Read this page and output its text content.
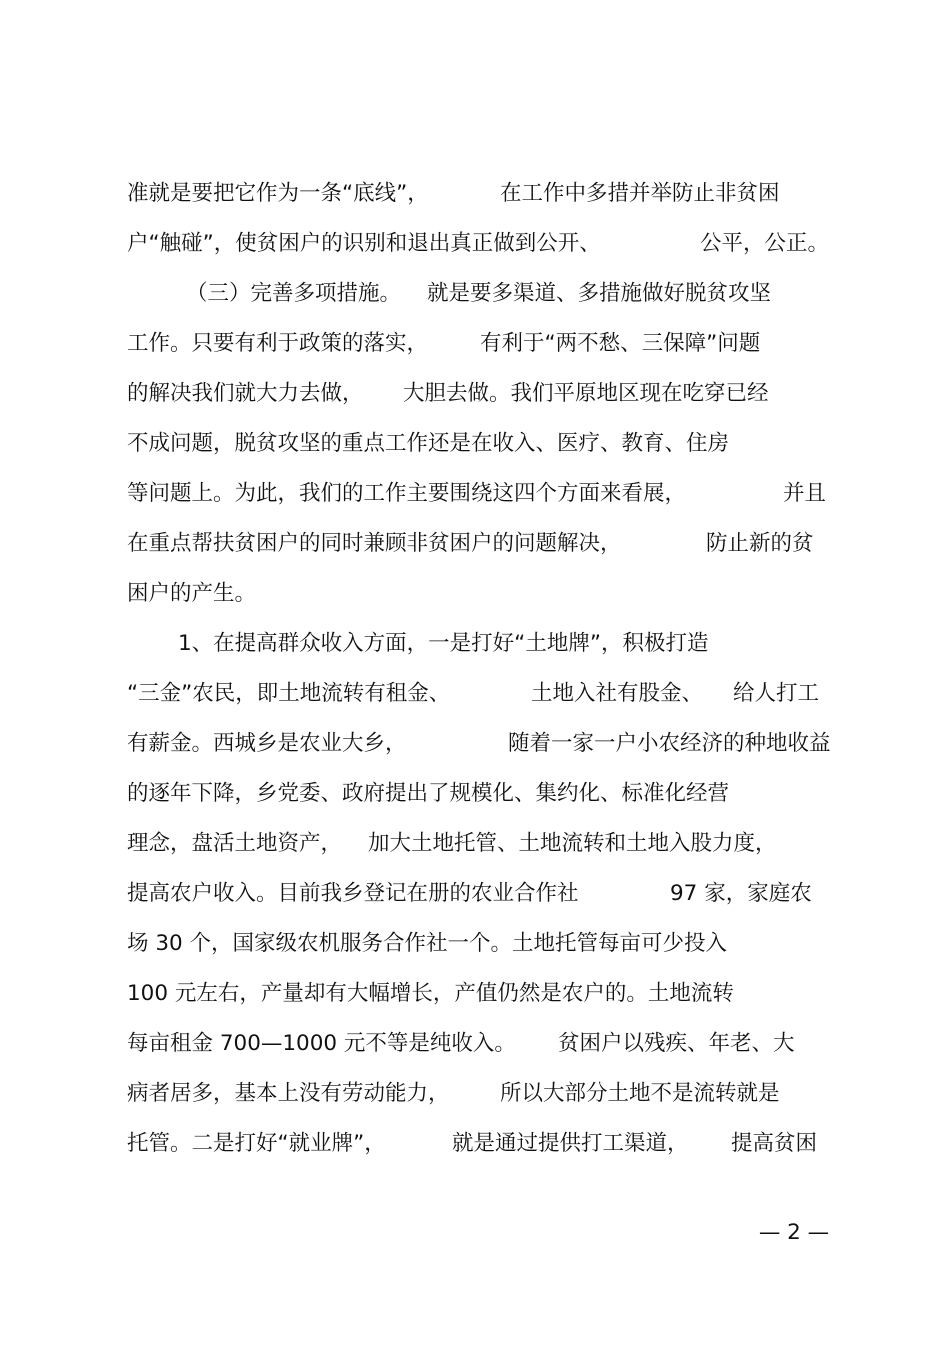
准就是要把它作为一条“底线”，	在工作中多措并举防止非贫困
户“触碰”，使贫困户的识别和退出真正做到公开、	公平，公正。
（三）完善多项措施。 就是要多渠道、多措施做好脱贫攻坚
工作。只要有利于政策的落实， 有利于“两不愁、三保障”问题
的解决我们就大力去做， 大胆去做。我们平原地区现在吃穿已经
不成问题，脱贫攻坚的重点工作还是在收入、医疗、教育、住房
等问题上。为此，我们的工作主要围绕这四个方面来看展，	并且
在重点帮扶贫困户的同时兼顾非贫困户的问题解决，	防止新的贫
困户的产生。
1、在提高群众收入方面，一是打好“土地牌”，积极打造
“三金”农民，即土地流转有租金、	土地入社有股金、 给人打工
有薪金。西城乡是农业大乡，	随着一家一户小农经济的种地收益
的逐年下降，乡党委、政府提出了规模化、集约化、标准化经营
理念，盘活土地资产， 加大土地托管、土地流转和土地入股力度，
提高农户收入。目前我乡登记在册的农业合作社	97 家，家庭农
场 30 个，国家级农机服务合作社一个。土地托管每亩可少投入
100 元左右，产量却有大幅增长，产值仍然是农户的。土地流转
每亩租金 700—1000 元不等是纯收入。 贫困户以残疾、年老、大
病者居多，基本上没有劳动能力， 所以大部分土地不是流转就是
托管。二是打好“就业牌”，	就是通过提供打工渠道， 提高贫困
— 2 —
